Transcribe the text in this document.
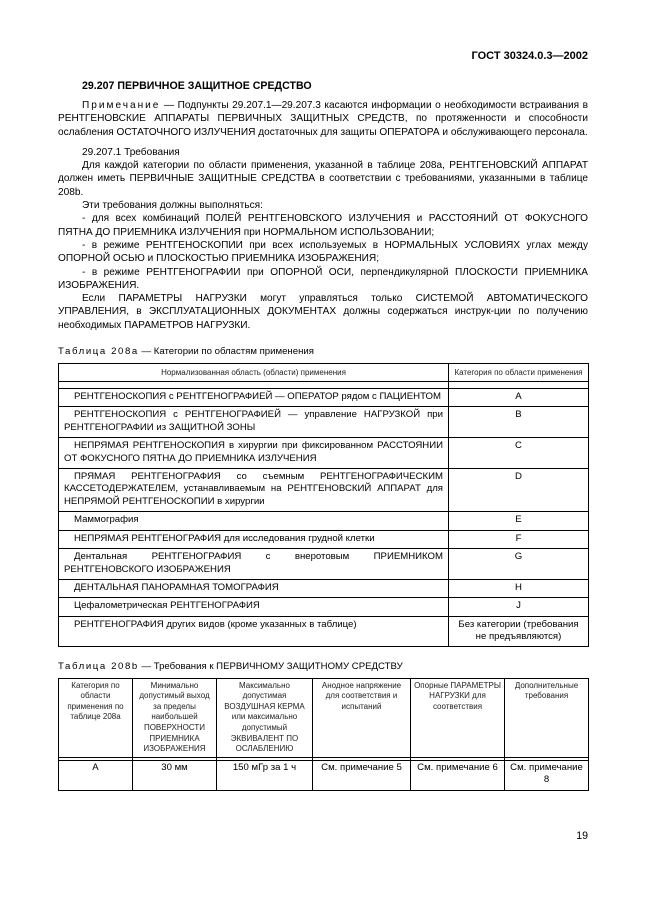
ГОСТ 30324.0.3—2002
29.207 ПЕРВИЧНОЕ ЗАЩИТНОЕ СРЕДСТВО

Примечание — Подпункты 29.207.1—29.207.3 касаются информации о необходимости встраивания в РЕНТГЕНОВСКИЕ АППАРАТЫ ПЕРВИЧНЫХ ЗАЩИТНЫХ СРЕДСТВ, по протяженности и способности ослабления ОСТАТОЧНОГО ИЗЛУЧЕНИЯ достаточных для защиты ОПЕРАТОРА и обслуживающего персонала.

29.207.1 Требования

Для каждой категории по области применения, указанной в таблице 208а, РЕНТГЕНОВСКИЙ АППАРАТ должен иметь ПЕРВИЧНЫЕ ЗАЩИТНЫЕ СРЕДСТВА в соответствии с требованиями, указанными в таблице 208b.

Эти требования должны выполняться:

- для всех комбинаций ПОЛЕЙ РЕНТГЕНОВСКОГО ИЗЛУЧЕНИЯ и РАССТОЯНИЙ ОТ ФОКУСНОГО ПЯТНА ДО ПРИЕМНИКА ИЗЛУЧЕНИЯ при НОРМАЛЬНОМ ИСПОЛЬЗОВАНИИ;

- в режиме РЕНТГЕНОСКОПИИ при всех используемых в НОРМАЛЬНЫХ УСЛОВИЯХ углах между ОПОРНОЙ ОСЬЮ и ПЛОСКОСТЬЮ ПРИЕМНИКА ИЗОБРАЖЕНИЯ;

- в режиме РЕНТГЕНОГРАФИИ при ОПОРНОЙ ОСИ, перпендикулярной ПЛОСКОСТИ ПРИЕМНИКА ИЗОБРАЖЕНИЯ.

Если ПАРАМЕТРЫ НАГРУЗКИ могут управляться только СИСТЕМОЙ АВТОМАТИЧЕСКОГО УПРАВЛЕНИЯ, в ЭКСПЛУАТАЦИОННЫХ ДОКУМЕНТАХ должны содержаться инструк-ции по получению необходимых ПАРАМЕТРОВ НАГРУЗКИ.

Таблица 208а — Категории по областям применения
Нормализованная область (области) применения	Категория по области применения

РЕНТГЕНОСКОПИЯ с РЕНТГЕНОГРАФИЕЙ — ОПЕРАТОР рядом с ПАЦИЕНТОМ	А
РЕНТГЕНОСКОПИЯ с РЕНТГЕНОГРАФИЕЙ — управление НАГРУЗКОЙ при РЕНТГЕНОГРАФИИ из ЗАЩИТНОЙ ЗОНЫ	В
НЕПРЯМАЯ РЕНТГЕНОСКОПИЯ в хирургии при фиксированном РАССТОЯНИИ ОТ ФОКУСНОГО ПЯТНА ДО ПРИЕМНИКА ИЗЛУЧЕНИЯ	С
ПРЯМАЯ РЕНТГЕНОГРАФИЯ со съемным РЕНТГЕНОГРАФИЧЕСКИМ КАССЕТОДЕРЖАТЕЛЕМ, устанавливаемым на РЕНТГЕНОВСКИЙ АППАРАТ для НЕПРЯМОЙ РЕНТГЕНОСКОПИИ в хирургии	D
Маммография	Е
НЕПРЯМАЯ РЕНТГЕНОГРАФИЯ для исследования грудной клетки	F
Дентальная РЕНТГЕНОГРАФИЯ с внеротовым ПРИЕМНИКОМ РЕНТГЕНОВСКОГО ИЗОБРАЖЕНИЯ	G
ДЕНТАЛЬНАЯ ПАНОРАМНАЯ ТОМОГРАФИЯ	Н
Цефалометрическая РЕНТГЕНОГРАФИЯ	J
РЕНТГЕНОГРАФИЯ других видов (кроме указанных в таблице)	Без категории (требования не предъявляются)
Таблица 208b — Требования к ПЕРВИЧНОМУ ЗАЩИТНОМУ СРЕДСТВУ
Категория по области применения по таблице 208а	Минимально допустимый выход за пределы наибольшей ПОВЕРХНОСТИ ПРИЕМНИКА ИЗОБРАЖЕНИЯ	Максимально допустимая ВОЗДУШНАЯ КЕРМА или максимально допустимый ЭКВИВАЛЕНТ ПО ОСЛАБЛЕНИЮ	Анодное напряжение для соответствия и испытаний	Опорные ПАРАМЕТРЫ НАГРУЗКИ для соответствия	Дополнительные требования

А	30 мм	150 мГр за 1 ч	См. примечание 5	См. примечание 6	См. примечание 8
19
